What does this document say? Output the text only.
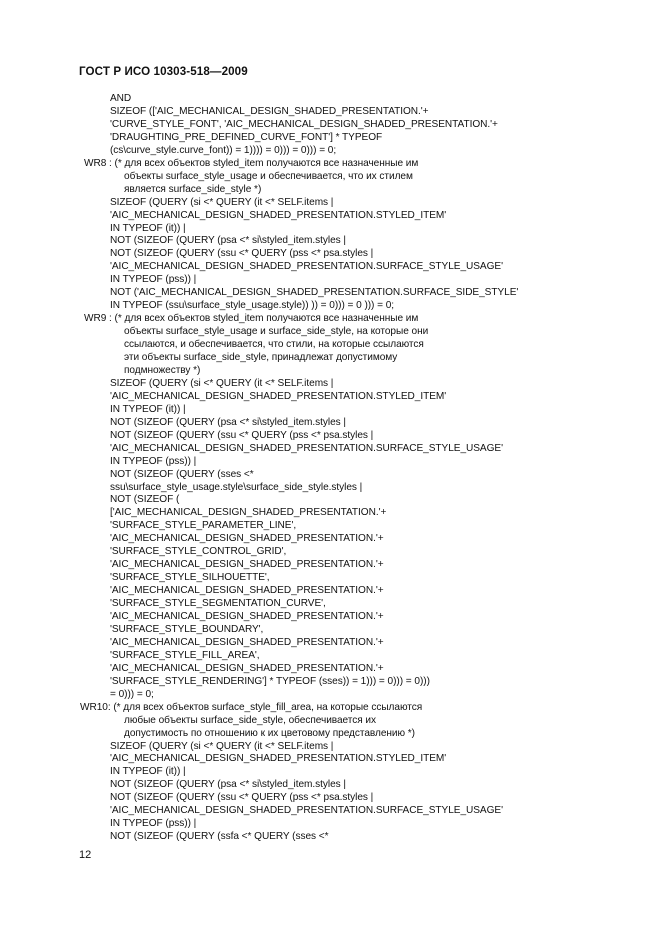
ГОСТ Р ИСО 10303-518—2009
AND
SIZEOF (['AIC_MECHANICAL_DESIGN_SHADED_PRESENTATION.'+
'CURVE_STYLE_FONT', 'AIC_MECHANICAL_DESIGN_SHADED_PRESENTATION.'+
'DRAUGHTING_PRE_DEFINED_CURVE_FONT'] * TYPEOF
(cs\curve_style.curve_font)) = 1)))) = 0))) = 0))) = 0;
WR8 : (* для всех объектов styled_item получаются все назначенные им
объекты surface_style_usage и обеспечивается, что их стилем
является surface_side_style *)
SIZEOF (QUERY (si <* QUERY (it <* SELF.items |
'AIC_MECHANICAL_DESIGN_SHADED_PRESENTATION.STYLED_ITEM'
IN TYPEOF (it)) |
NOT (SIZEOF (QUERY (psa <* si\styled_item.styles |
NOT (SIZEOF (QUERY (ssu <* QUERY (pss <* psa.styles |
'AIC_MECHANICAL_DESIGN_SHADED_PRESENTATION.SURFACE_STYLE_USAGE'
IN TYPEOF (pss)) |
NOT ('AIC_MECHANICAL_DESIGN_SHADED_PRESENTATION.SURFACE_SIDE_STYLE'
IN TYPEOF (ssu\surface_style_usage.style)) )) = 0))) = 0 ))) = 0;
WR9 : (* для всех объектов styled_item получаются все назначенные им
объекты surface_style_usage и surface_side_style, на которые они
ссылаются, и обеспечивается, что стили, на которые ссылаются
эти объекты surface_side_style, принадлежат допустимому
подмножеству *)
SIZEOF (QUERY (si <* QUERY (it <* SELF.items |
'AIC_MECHANICAL_DESIGN_SHADED_PRESENTATION.STYLED_ITEM'
IN TYPEOF (it)) |
NOT (SIZEOF (QUERY (psa <* si\styled_item.styles |
NOT (SIZEOF (QUERY (ssu <* QUERY (pss <* psa.styles |
'AIC_MECHANICAL_DESIGN_SHADED_PRESENTATION.SURFACE_STYLE_USAGE'
IN TYPEOF (pss)) |
NOT (SIZEOF (QUERY (sses <*
ssu\surface_style_usage.style\surface_side_style.styles |
NOT (SIZEOF (
['AIC_MECHANICAL_DESIGN_SHADED_PRESENTATION.'+
'SURFACE_STYLE_PARAMETER_LINE',
'AIC_MECHANICAL_DESIGN_SHADED_PRESENTATION.'+
'SURFACE_STYLE_CONTROL_GRID',
'AIC_MECHANICAL_DESIGN_SHADED_PRESENTATION.'+
'SURFACE_STYLE_SILHOUETTE',
'AIC_MECHANICAL_DESIGN_SHADED_PRESENTATION.'+
'SURFACE_STYLE_SEGMENTATION_CURVE',
'AIC_MECHANICAL_DESIGN_SHADED_PRESENTATION.'+
'SURFACE_STYLE_BOUNDARY',
'AIC_MECHANICAL_DESIGN_SHADED_PRESENTATION.'+
'SURFACE_STYLE_FILL_AREA',
'AIC_MECHANICAL_DESIGN_SHADED_PRESENTATION.'+
'SURFACE_STYLE_RENDERING'] * TYPEOF (sses)) = 1))) = 0))) = 0)))
= 0))) = 0;
WR10: (* для всех объектов surface_style_fill_area, на которые ссылаются
любые объекты surface_side_style, обеспечивается их
допустимость по отношению к их цветовому представлению *)
SIZEOF (QUERY (si <* QUERY (it <* SELF.items |
'AIC_MECHANICAL_DESIGN_SHADED_PRESENTATION.STYLED_ITEM'
IN TYPEOF (it)) |
NOT (SIZEOF (QUERY (psa <* si\styled_item.styles |
NOT (SIZEOF (QUERY (ssu <* QUERY (pss <* psa.styles |
'AIC_MECHANICAL_DESIGN_SHADED_PRESENTATION.SURFACE_STYLE_USAGE'
IN TYPEOF (pss)) |
NOT (SIZEOF (QUERY (ssfa <* QUERY (sses <*
12
